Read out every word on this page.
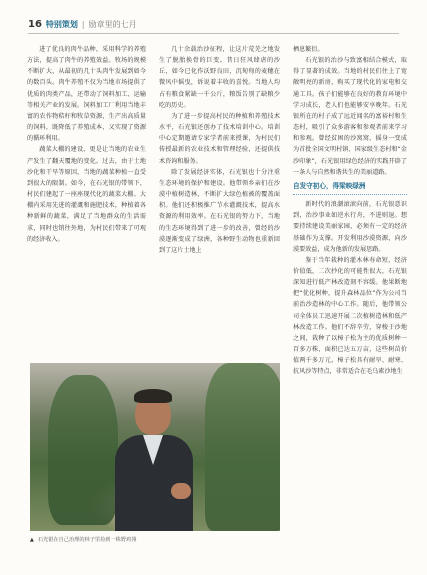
16 特别策划 | 励章里的七月

进了优良的肉牛品种，采用科学的养殖方法，提高了肉牛的养殖效益。牧场的规模不断扩大，从最初的几十头肉牛发展到如今的数百头。肉牛养殖不仅为当地市场提供了优质的肉类产品，还带动了饲料加工、运输等相关产业的发展。饲料加工厂利用当地丰富的农作物秸秆和牧草资源，生产出高质量的饲料，既降低了养殖成本，又实现了资源的循环利用。

蔬菜大棚的建设，更是让当地的农业生产发生了翻天覆地的变化。过去，由于土地沙化和干旱等原因，当地的蔬菜种植一直受到很大的限制。如今，在石光银的带领下，村民们建起了一座座现代化的蔬菜大棚。大棚内采用先进的灌溉和施肥技术，种植着各种新鲜的蔬菜，满足了当地群众的生活需求，同时也销往外地，为村民们带来了可观的经济收入。

几十余载治沙征程，让这片荒芜之地发生了脱胎换骨的巨变。昔日狂风肆虐的沙丘，如今已化作沃野良田，沉甸甸的麦穗在微风中摇曳，诉说着丰收的喜悦。当地人均占有粮食紧缺一千公斤，粮饭告别了缺粮少吃的历史。

为了进一步提高村民的种植和养殖技术水平，石光银还创办了技术培训中心。培训中心定期邀请专家学者前来授课，为村民们传授最新的农业技术和管理经验，还提供技术咨询和服务。

除了发展经济实体，石光银也十分注重生态环境的保护和建设。他带领乡亲们在沙漠中植树造林，不断扩大绿色植被的覆盖面积。他们还积极推广节水灌溉技术，提高水资源的利用效率。在石光银的努力下，当地的生态环境得到了进一步的改善，曾经的沙漠逐渐变成了绿洲，各种野生动物也重新回到了这片土地上

栖息繁衍。

石光银的治沙与致富相结合模式，取得了显著的成效。当地的村民们住上了宽敞明亮的新房，购买了现代化的家电和交通工具。孩子们能够在良好的教育环境中学习成长，老人们也能够安享晚年。石光银所在的村子成了远近闻名的富裕村和生态村，吸引了众多游客和参观者前来学习和参观。曾经贫困的沙窝窝，摇身一变成为首批全国文明村镇、国家级生态村和“金沙印象”，石光银用绿色经济的实践开辟了一条人与自然和谐共生的美丽道路。

自发守初心，得梁映绿洲

新时代的浪潮滚滚向前，石光银意识到，治沙事业如逆水行舟，不进则退。想要持续建设美丽家园，必须有一定的经济基础作为支撑。开发利用沙漠资源，向沙漠要效益，成为他新的发展思路。

鉴于当年栽种的灌木林寿命短，经济价值低，二次抄化的可能性很大，石光银深知进行低产林改造刻不容缓。他果断地把“优化树种，提升森林品位”作为公司当前治沙造林的中心工作。随后，他带领公司全体员工迅速开展二次植树造林和低产林改造工作。他们不辞辛劳，穿梭于沙地之间，栽种了以樟子松为主的优质树种一百多万株，面积已达五万亩，这些树苗价值两千多万元。樟子松具有耐旱、耐寒、抗风沙等特点，非常适合在毛乌素沙地生

▲ 石光银在自己治理的林子里捡到一株野鸡翎
